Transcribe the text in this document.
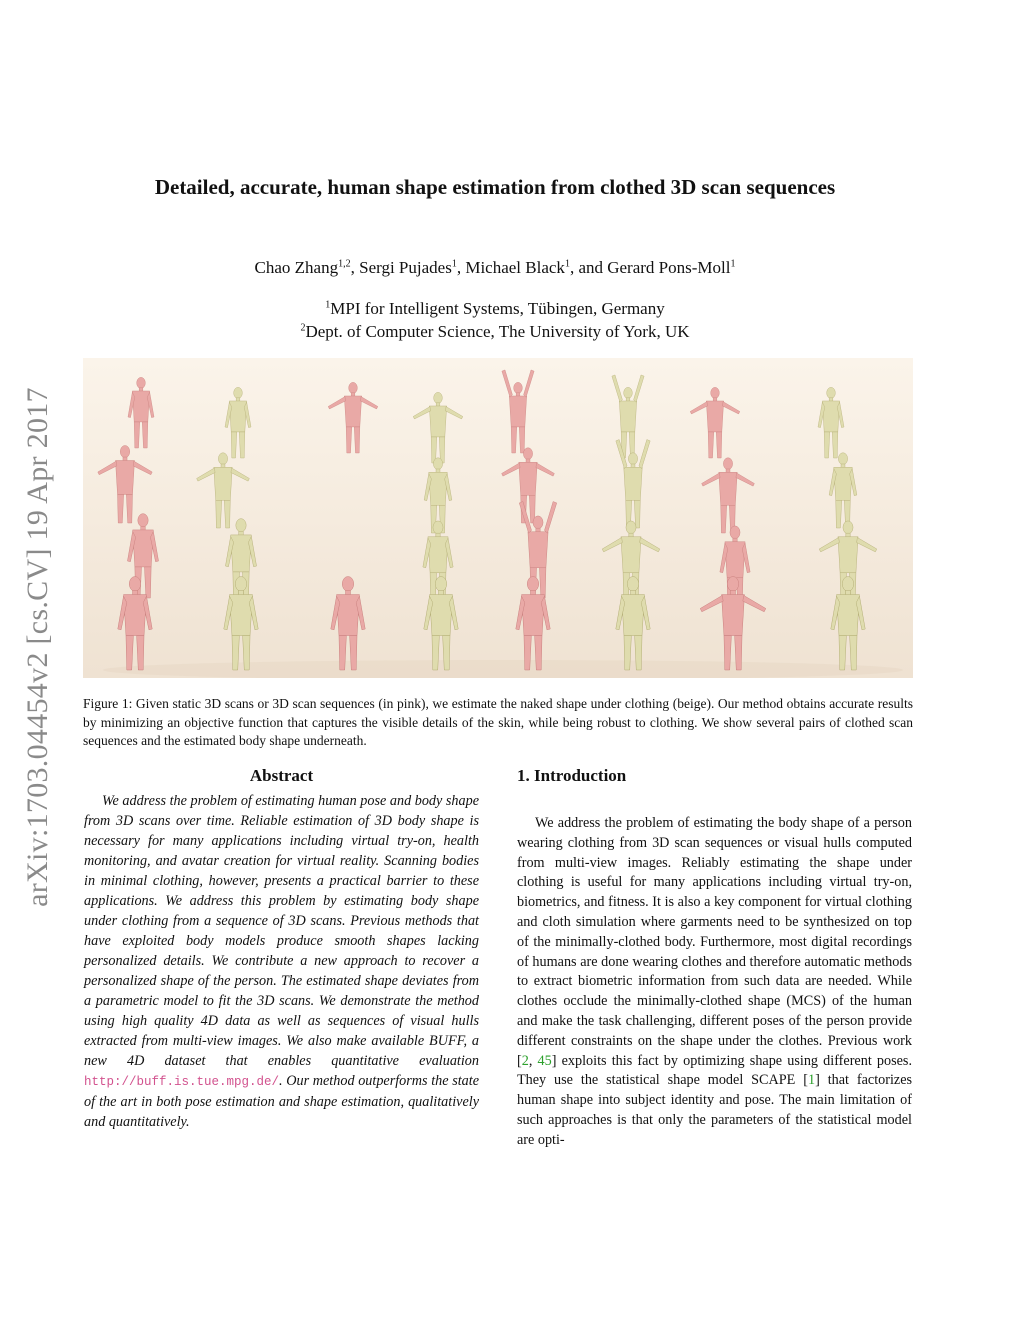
arXiv:1703.04454v2 [cs.CV] 19 Apr 2017
Detailed, accurate, human shape estimation from clothed 3D scan sequences
Chao Zhang$^{1,2}$, Sergi Pujades$^1$, Michael Black$^1$, and Gerard Pons-Moll$^1$
$^1$MPI for Intelligent Systems, Tübingen, Germany
$^2$Dept. of Computer Science, The University of York, UK
Figure 1: Given static 3D scans or 3D scan sequences (in pink), we estimate the naked shape under clothing (beige). Our method obtains accurate results by minimizing an objective function that captures the visible details of the skin, while being robust to clothing. We show several pairs of clothed scan sequences and the estimated body shape underneath.
Abstract
We address the problem of estimating human pose and body shape from 3D scans over time. Reliable estimation of 3D body shape is necessary for many applications including virtual try-on, health monitoring, and avatar creation for virtual reality. Scanning bodies in minimal clothing, however, presents a practical barrier to these applications. We address this problem by estimating body shape under clothing from a sequence of 3D scans. Previous methods that have exploited body models produce smooth shapes lacking personalized details. We contribute a new approach to recover a personalized shape of the person. The estimated shape deviates from a parametric model to fit the 3D scans. We demonstrate the method using high quality 4D data as well as sequences of visual hulls extracted from multi-view images. We also make available BUFF, a new 4D dataset that enables quantitative evaluation http://buff.is.tue.mpg.de/. Our method outperforms the state of the art in both pose estimation and shape estimation, qualitatively and quantitatively.
1. Introduction
We address the problem of estimating the body shape of a person wearing clothing from 3D scan sequences or visual hulls computed from multi-view images. Reliably estimating the shape under clothing is useful for many applications including virtual try-on, biometrics, and fitness. It is also a key component for virtual clothing and cloth simulation where garments need to be synthesized on top of the minimally-clothed body. Furthermore, most digital recordings of humans are done wearing clothes and therefore automatic methods to extract biometric information from such data are needed. While clothes occlude the minimally-clothed shape (MCS) of the human and make the task challenging, different poses of the person provide different constraints on the shape under the clothes. Previous work [2, 45] exploits this fact by optimizing shape using different poses. They use the statistical shape model SCAPE [1] that factorizes human shape into subject identity and pose. The main limitation of such approaches is that only the parameters of the statistical model are opti-
